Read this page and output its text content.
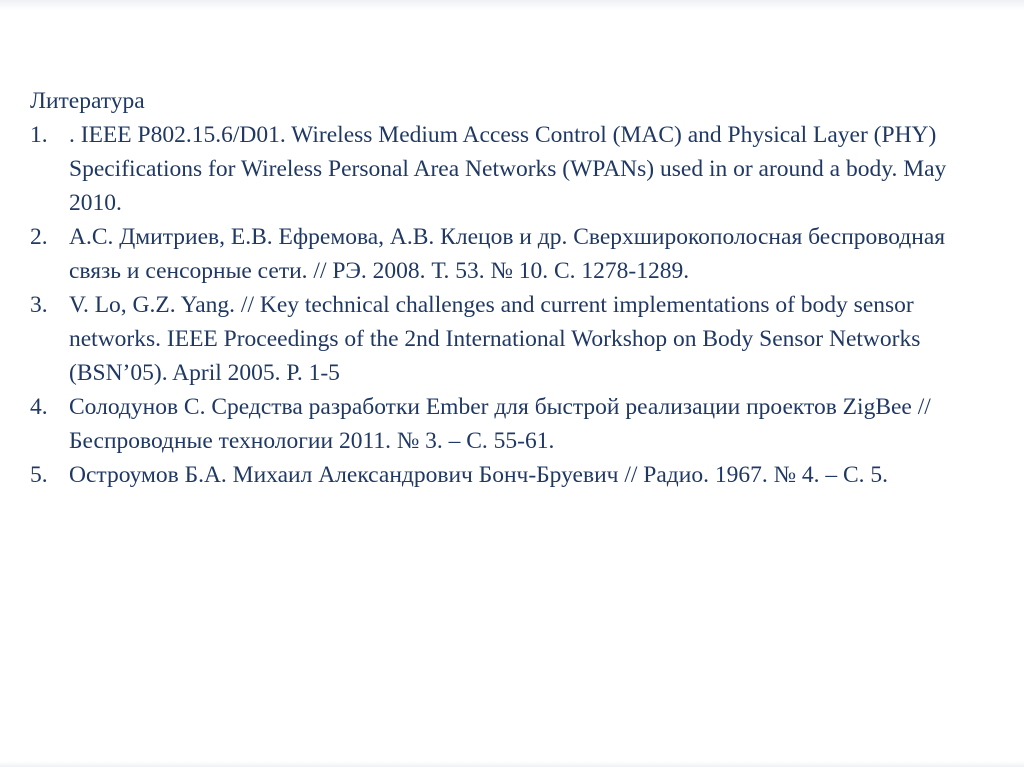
Литература

1. . IEEE P802.15.6/D01. Wireless Medium Access Control (MAC) and Physical Layer (PHY) Specifications for Wireless Personal Area Networks (WPANs) used in or around a body. May 2010.
2. А.С. Дмитриев, Е.В. Ефремова, А.В. Клецов и др. Сверхширокополосная беспроводная связь и сенсорные сети. // РЭ. 2008. Т. 53. № 10. С. 1278-1289.
3. V. Lo, G.Z. Yang. // Key technical challenges and current implementations of body sensor networks. IEEE Proceedings of the 2nd International Workshop on Body Sensor Networks (BSN’05). April 2005. P. 1-5
4. Солодунов С. Средства разработки Ember для быстрой реализации проектов ZigBee // Беспроводные технологии 2011. № 3. – С. 55-61.
5. Остроумов Б.А. Михаил Александрович Бонч-Бруевич // Радио. 1967. № 4. – С. 5.
